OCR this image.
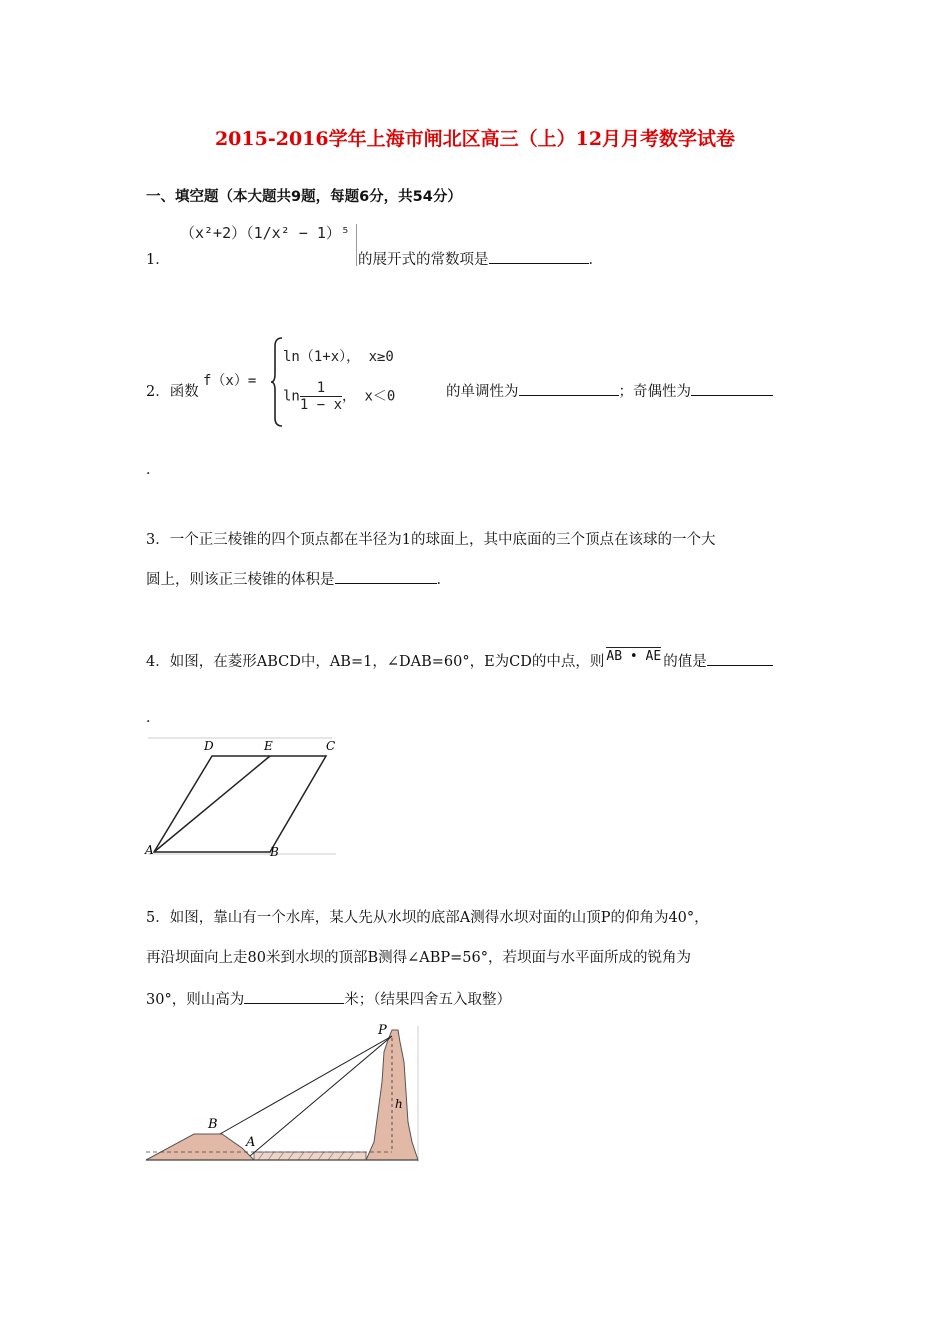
2015-2016学年上海市闸北区高三（上）12月月考数学试卷
一、填空题（本大题共9题，每题6分，共54分）
1．
（x²+2）（1/x² − 1）⁵
的展开式的常数项是	．
2．函数
f（x）=
ln（1+x）， x≥0
$\ln \frac{1}{1 - x}$ ， x＜0	的单调性为	；奇偶性为
．
3．一个正三棱锥的四个顶点都在半径为1的球面上，其中底面的三个顶点在该球的一个大
圆上，则该正三棱锥的体积是	．
4．如图，在菱形ABCD中，AB=1，∠DAB=60°，E为CD的中点，则 AB • AE 的值是
．
D	E	C
A	B
5．如图，靠山有一个水库，某人先从水坝的底部A测得水坝对面的山顶P的仰角为40°，
再沿坝面向上走80米到水坝的顶部B测得∠ABP=56°，若坝面与水平面所成的锐角为
30°，则山高为	米；（结果四舍五入取整）
P
B
A
h
